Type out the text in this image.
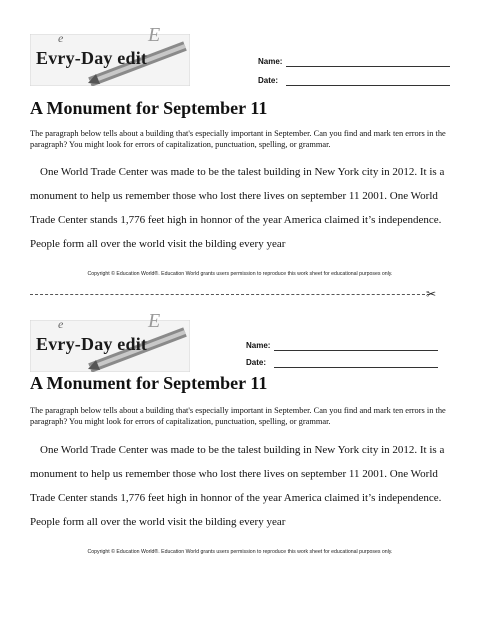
e	E
Evry-Day edit	Name:
Date:
A Monument for September 11
The paragraph below tells about a building that's especially important in September. Can you find and mark ten errors in the paragraph? You might look for errors of capitalization, punctuation, spelling, or grammar.
One World Trade Center was made to be the talest building in New York city in 2012. It is a monument to help us remember those who lost there lives on september 11 2001. One World Trade Center stands 1,776 feet high in honnor of the year America claimed it’s independence. People form all over the world visit the bilding every year
Copyright © Education World®. Education World grants users permission to reproduce this work sheet for educational purposes only.
✂
e	E
Evry-Day edit	Name:
Date:
A Monument for September 11
The paragraph below tells about a building that's especially important in September. Can you find and mark ten errors in the paragraph? You might look for errors of capitalization, punctuation, spelling, or grammar.
One World Trade Center was made to be the talest building in New York city in 2012. It is a monument to help us remember those who lost there lives on september 11 2001. One World Trade Center stands 1,776 feet high in honnor of the year America claimed it’s independence. People form all over the world visit the bilding every year
Copyright © Education World®. Education World grants users permission to reproduce this work sheet for educational purposes only.
